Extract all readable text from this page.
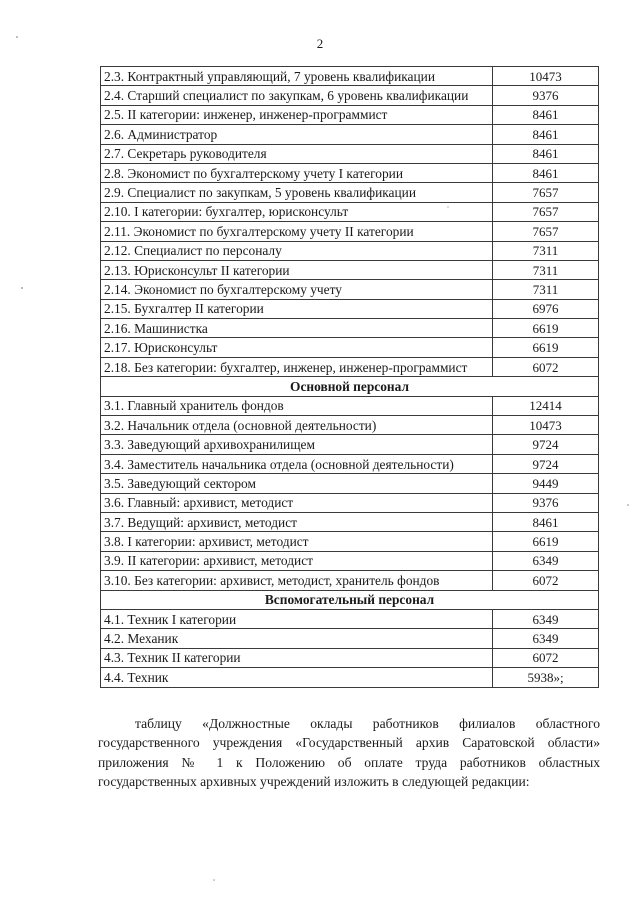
2
2.3. Контрактный управляющий, 7 уровень квалификации	10473
2.4. Старший специалист по закупкам, 6 уровень квалификации	9376
2.5. II категории: инженер, инженер-программист	8461
2.6. Администратор	8461
2.7. Секретарь руководителя	8461
2.8. Экономист по бухгалтерскому учету I категории	8461
2.9. Специалист по закупкам, 5 уровень квалификации	7657
2.10. I категории: бухгалтер, юрисконсульт	7657
2.11. Экономист по бухгалтерскому учету II категории	7657
2.12. Специалист по персоналу	7311
2.13. Юрисконсульт II категории	7311
2.14. Экономист по бухгалтерскому учету	7311
2.15. Бухгалтер II категории	6976
2.16. Машинистка	6619
2.17. Юрисконсульт	6619
2.18. Без категории: бухгалтер, инженер, инженер-программист	6072
Основной персонал	
3.1. Главный хранитель фондов	12414
3.2. Начальник отдела (основной деятельности)	10473
3.3. Заведующий архивохранилищем	9724
3.4. Заместитель начальника отдела (основной деятельности)	9724
3.5. Заведующий сектором	9449
3.6. Главный: архивист, методист	9376
3.7. Ведущий: архивист, методист	8461
3.8. I категории: архивист, методист	6619
3.9. II категории: архивист, методист	6349
3.10. Без категории: архивист, методист, хранитель фондов	6072
Вспомогательный персонал	
4.1. Техник I категории	6349
4.2. Механик	6349
4.3. Техник II категории	6072
4.4. Техник	5938»;
таблицу «Должностные оклады работников филиалов областного
государственного учреждения «Государственный архив Саратовской области»
приложения № 1 к Положению об оплате труда работников областных
государственных архивных учреждений изложить в следующей редакции:
